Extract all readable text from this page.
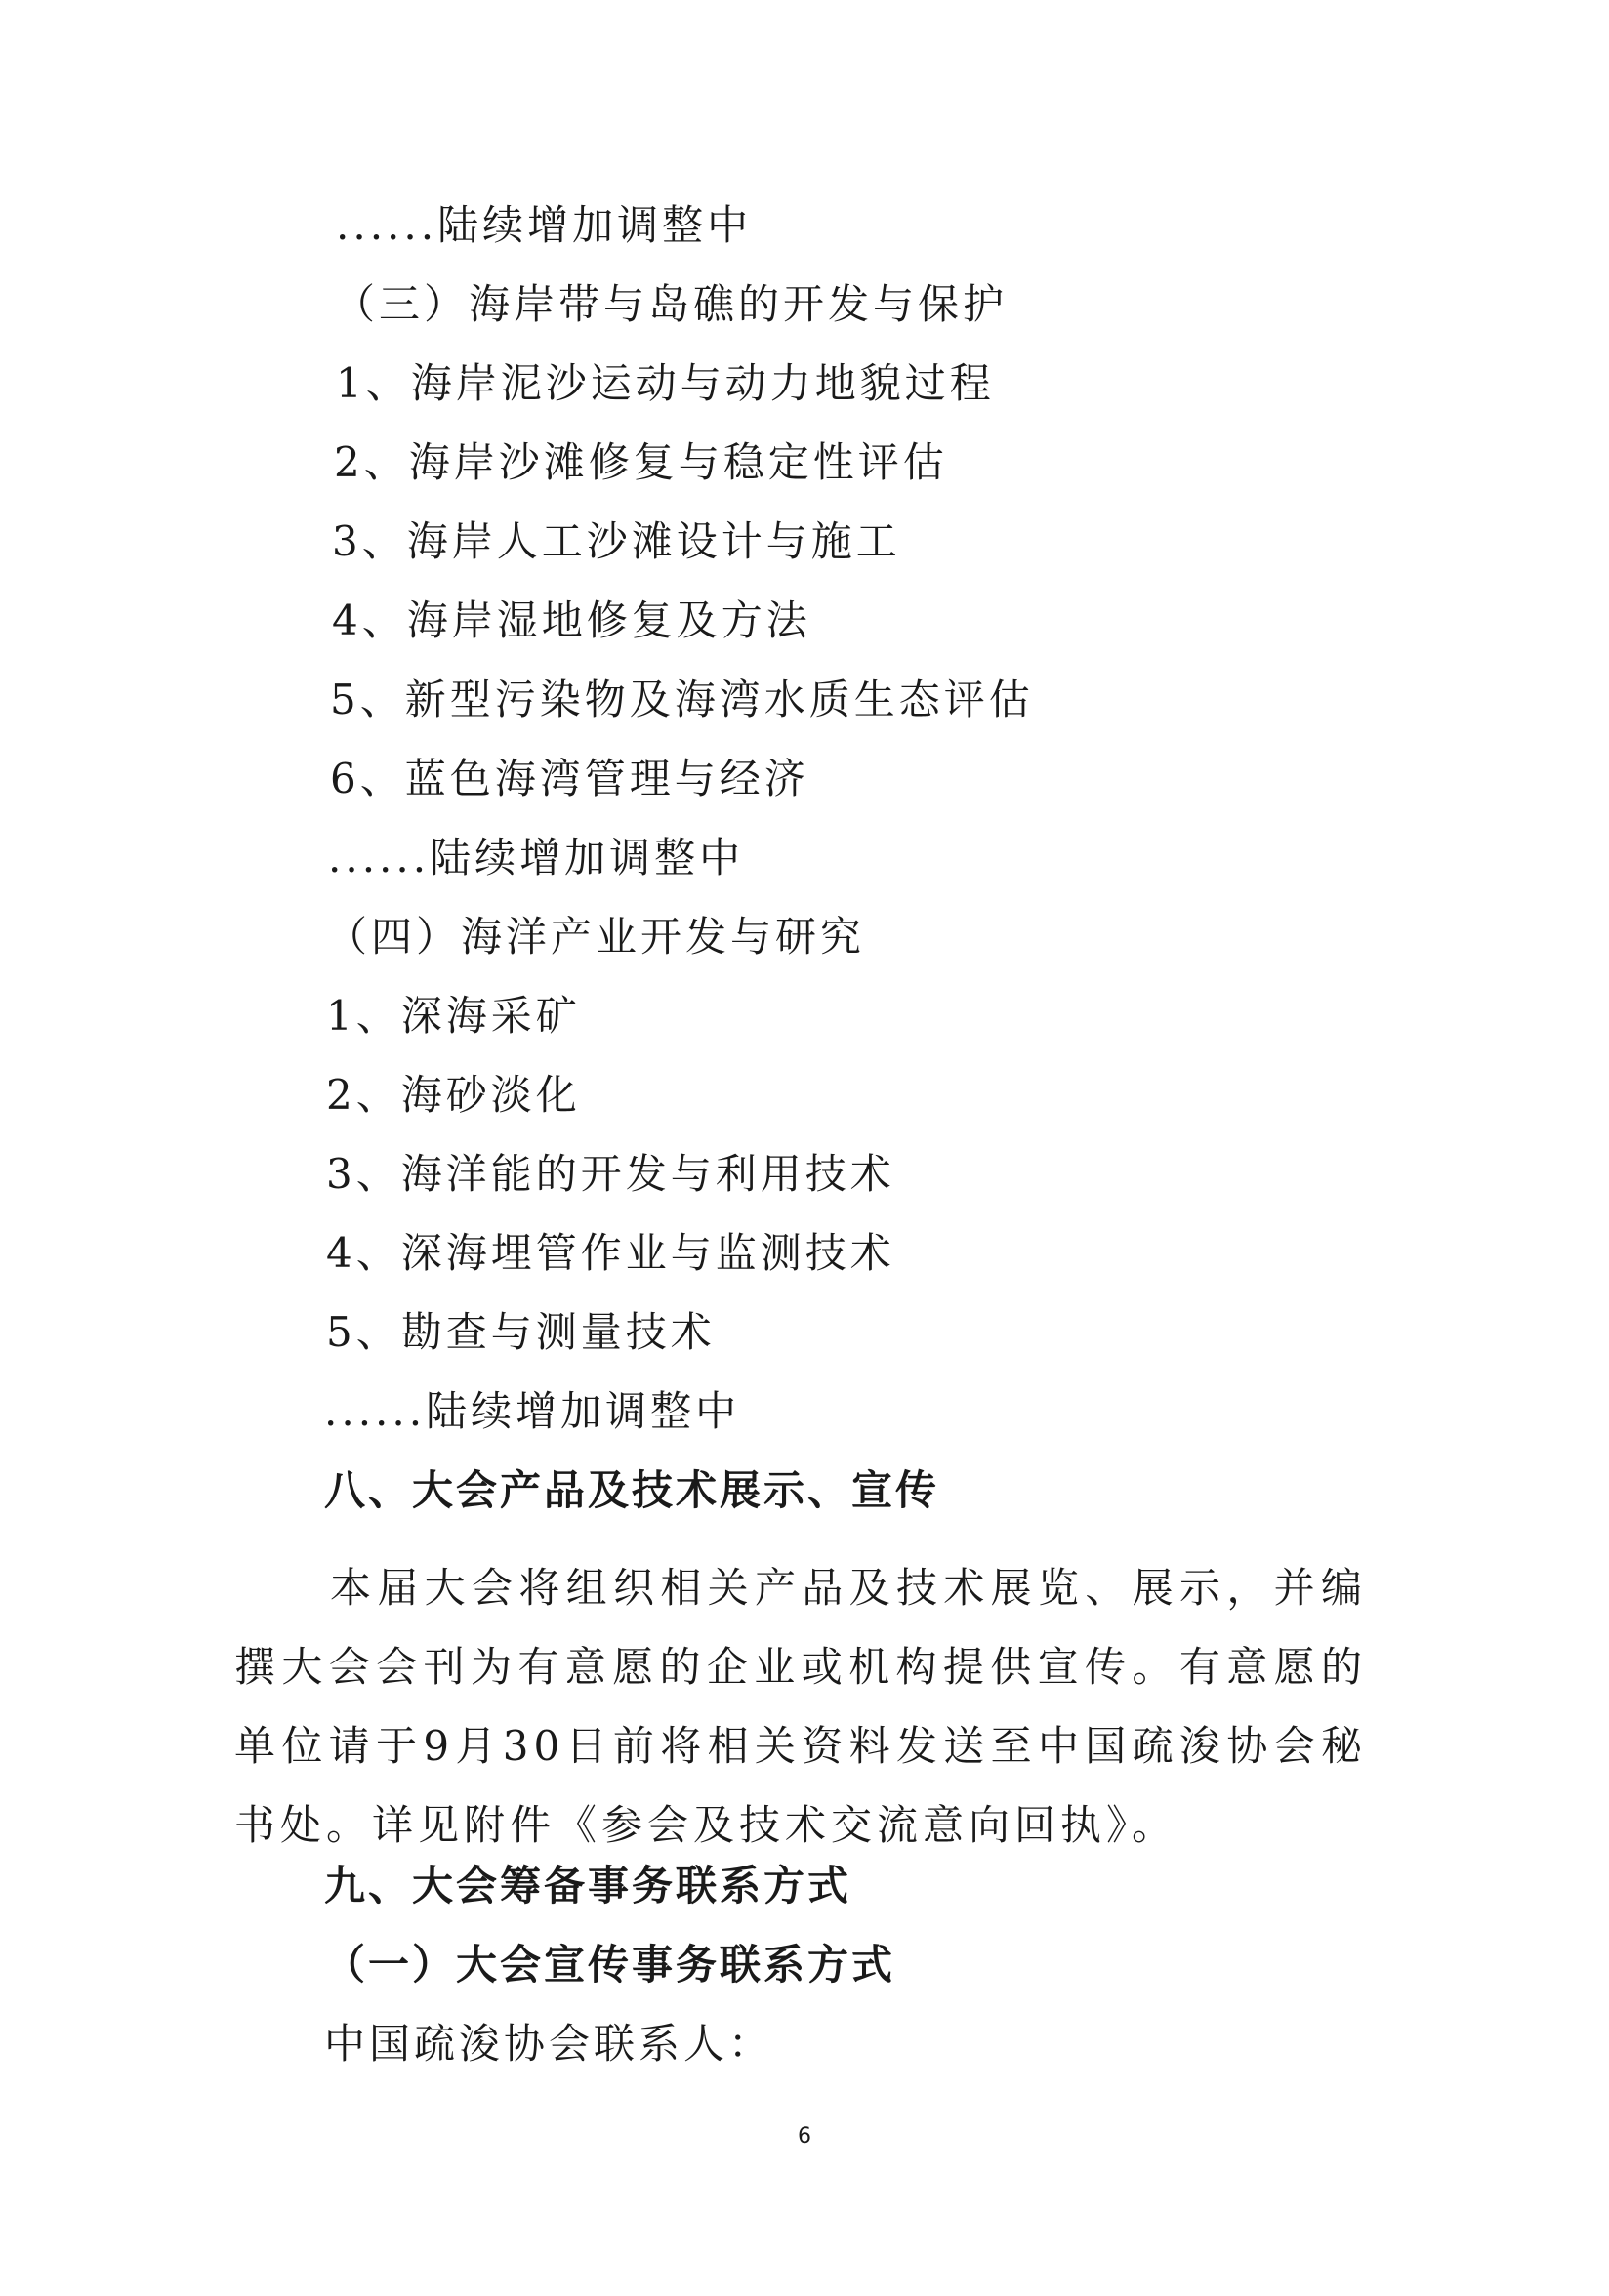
......陆续增加调整中
（三）海岸带与岛礁的开发与保护
1、海岸泥沙运动与动力地貌过程
2、海岸沙滩修复与稳定性评估
3、海岸人工沙滩设计与施工
4、海岸湿地修复及方法
5、新型污染物及海湾水质生态评估
6、蓝色海湾管理与经济
......陆续增加调整中
（四）海洋产业开发与研究
1、深海采矿
2、海砂淡化
3、海洋能的开发与利用技术
4、深海埋管作业与监测技术
5、勘查与测量技术
......陆续增加调整中
八、大会产品及技术展示、宣传
本届大会将组织相关产品及技术展览、展示，并编撰大会会刊为有意愿的企业或机构提供宣传。有意愿的单位请于9月30日前将相关资料发送至中国疏浚协会秘书处。详见附件《参会及技术交流意向回执》。
九、大会筹备事务联系方式
（一）大会宣传事务联系方式
中国疏浚协会联系人：
6
